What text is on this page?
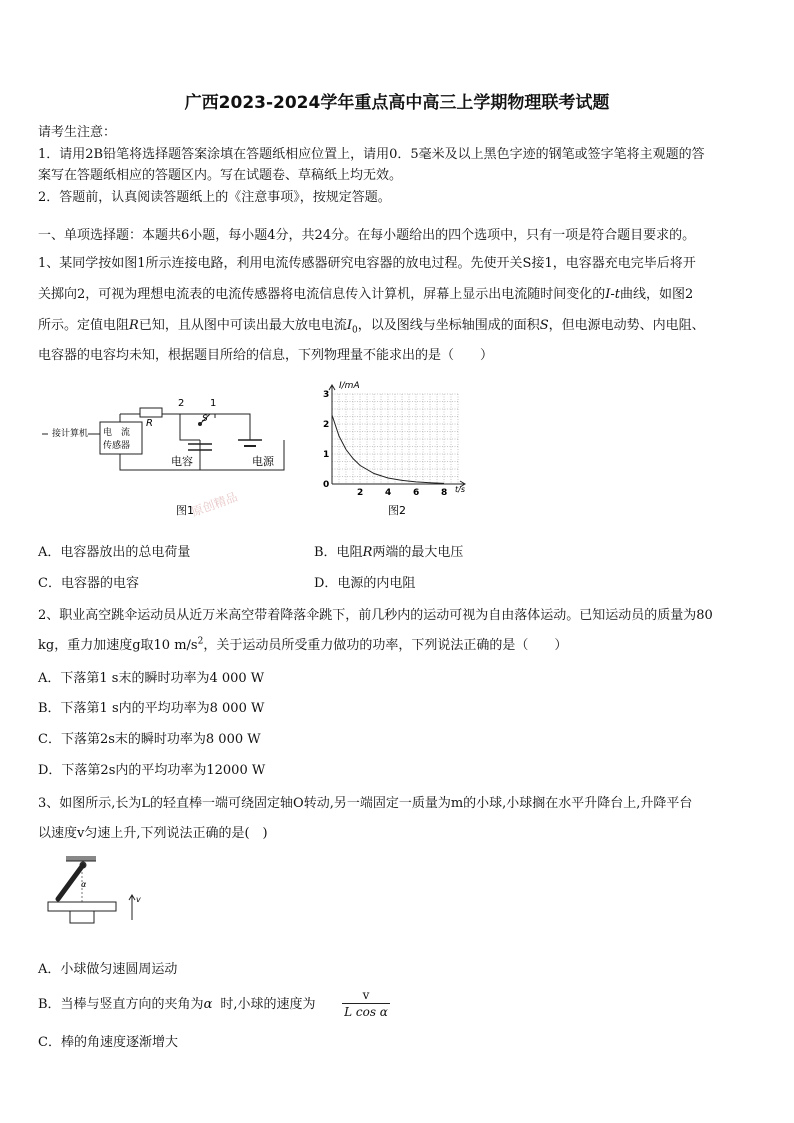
广西2023-2024学年重点高中高三上学期物理联考试题
请考生注意：
1．请用2B铅笔将选择题答案涂填在答题纸相应位置上，请用0．5毫米及以上黑色字迹的钢笔或签字笔将主观题的答
案写在答题纸相应的答题区内。写在试题卷、草稿纸上均无效。
2．答题前，认真阅读答题纸上的《注意事项》，按规定答题。
一、单项选择题：本题共6小题，每小题4分，共24分。在每小题给出的四个选项中，只有一项是符合题目要求的。
1、某同学按如图1所示连接电路，利用电流传感器研究电容器的放电过程。先使开关S接1，电容器充电完毕后将开
关掷向2，可视为理想电流表的电流传感器将电流信息传入计算机，屏幕上显示出电流随时间变化的I-t曲线，如图2
所示。定值电阻R已知，且从图中可读出最大放电电流$I_0$，以及图线与坐标轴围成的面积S，但电源电动势、内电阻、
电容器的电容均未知，根据题目所给的信息，下列物理量不能求出的是（　　）
R
2	1
S
电容	电源
电　流
传感器
接计算机
原创精品
图1
0
1
2
3
2 4 6 8
I/mA
t/s
图2
A．电容器放出的总电荷量	B．电阻R两端的最大电压
C．电容器的电容	D．电源的内电阻
2、职业高空跳伞运动员从近万米高空带着降落伞跳下，前几秒内的运动可视为自由落体运动。已知运动员的质量为80
kg，重力加速度g取10 $m/s^2$，关于运动员所受重力做功的功率，下列说法正确的是（　　）
A．下落第1 s末的瞬时功率为4 000 W
B．下落第1 s内的平均功率为8 000 W
C．下落第2s末的瞬时功率为8 000 W
D．下落第2s内的平均功率为12000 W
3、如图所示,长为L的轻直棒一端可绕固定轴O转动,另一端固定一质量为m的小球,小球搁在水平升降台上,升降平台
以速度v匀速上升,下列说法正确的是(　)
α
v
A．小球做匀速圆周运动
B．当棒与竖直方向的夹角为α 时,小球的速度为 $\frac{v}{\text{L cos α}}$
C．棒的角速度逐渐增大
